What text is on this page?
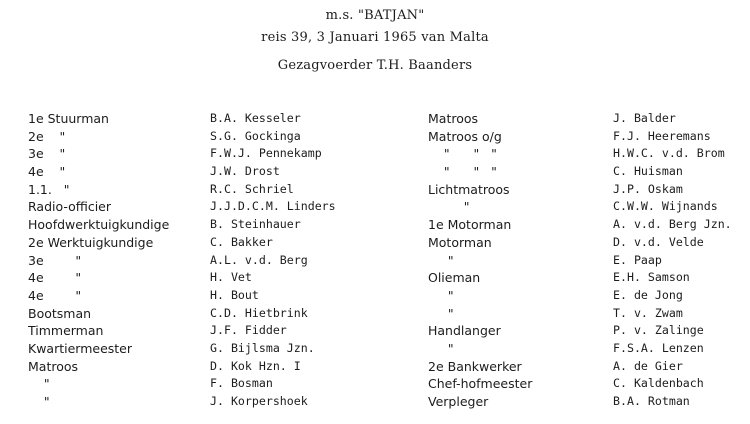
m.s. "BATJAN"
reis 39, 3 Januari 1965 van Malta
Gezagvoerder T.H. Baanders
1e Stuurman
2e    "
3e    "
4e    "
1.1.   "
Radio-officier
Hoofdwerktuigkundige
2e Werktuigkundige
3e        "
4e        "
4e        "
Bootsman
Timmerman
Kwartiermeester
Matroos
"
"
B.A. Kesseler
S.G. Gockinga
F.W.J. Pennekamp
J.W. Drost
R.C. Schriel
J.J.D.C.M. Linders
B. Steinhauer
C. Bakker
A.L. v.d. Berg
H. Vet
H. Bout
C.D. Hietbrink
J.F. Fidder
G. Bijlsma Jzn.
D. Kok Hzn. I
F. Bosman
J. Korpershoek
Matroos
Matroos o/g
"      "   "
"      "   "
Lichtmatroos
"
1e Motorman
Motorman
"
Olieman
"
"
Handlanger
"
2e Bankwerker
Chef-hofmeester
Verpleger
J. Balder
F.J. Heeremans
H.W.C. v.d. Brom
C. Huisman
J.P. Oskam
C.W.W. Wijnands
A. v.d. Berg Jzn.
D. v.d. Velde
E. Paap
E.H. Samson
E. de Jong
T. v. Zwam
P. v. Zalinge
F.S.A. Lenzen
A. de Gier
C. Kaldenbach
B.A. Rotman
